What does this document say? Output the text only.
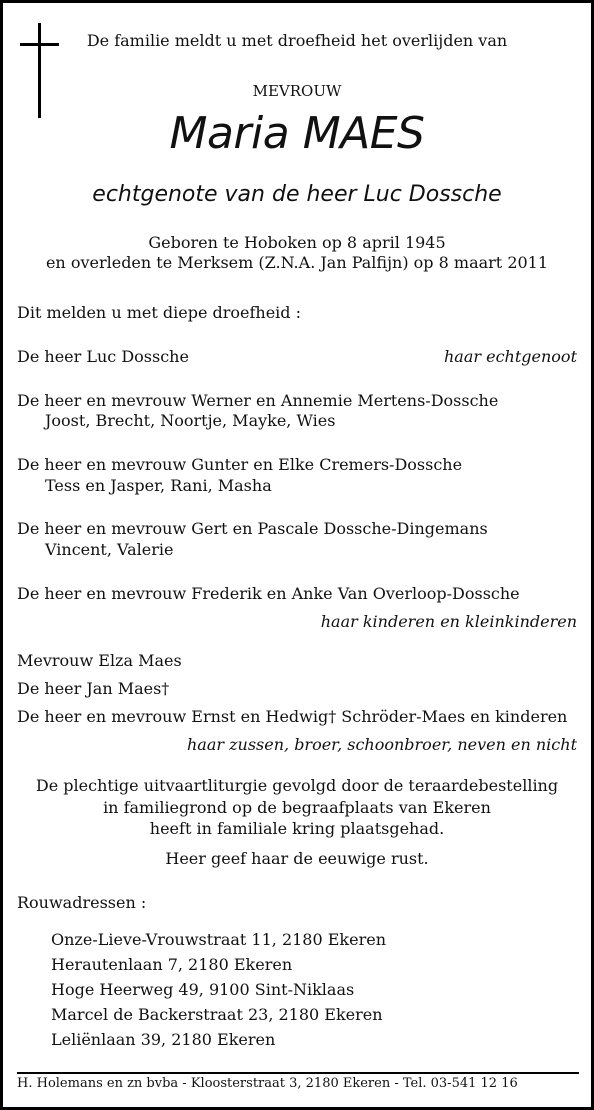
De familie meldt u met droefheid het overlijden van
MEVROUW
Maria MAES
echtgenote van de heer Luc Dossche
Geboren te Hoboken op 8 april 1945
en overleden te Merksem (Z.N.A. Jan Palfijn) op 8 maart 2011
Dit melden u met diepe droefheid :
De heer Luc Dossche	haar echtgenoot
De heer en mevrouw Werner en Annemie Mertens-Dossche
Joost, Brecht, Noortje, Mayke, Wies
De heer en mevrouw Gunter en Elke Cremers-Dossche
Tess en Jasper, Rani, Masha
De heer en mevrouw Gert en Pascale Dossche-Dingemans
Vincent, Valerie
De heer en mevrouw Frederik en Anke Van Overloop-Dossche
haar kinderen en kleinkinderen
Mevrouw Elza Maes
De heer Jan Maes†
De heer en mevrouw Ernst en Hedwig† Schröder-Maes en kinderen
haar zussen, broer, schoonbroer, neven en nicht
De plechtige uitvaartliturgie gevolgd door de teraardebestelling
in familiegrond op de begraafplaats van Ekeren
heeft in familiale kring plaatsgehad.
Heer geef haar de eeuwige rust.
Rouwadressen :
Onze-Lieve-Vrouwstraat 11, 2180 Ekeren
Herautenlaan 7, 2180 Ekeren
Hoge Heerweg 49, 9100 Sint-Niklaas
Marcel de Backerstraat 23, 2180 Ekeren
Leliënlaan 39, 2180 Ekeren
H. Holemans en zn bvba - Kloosterstraat 3, 2180 Ekeren - Tel. 03-541 12 16
